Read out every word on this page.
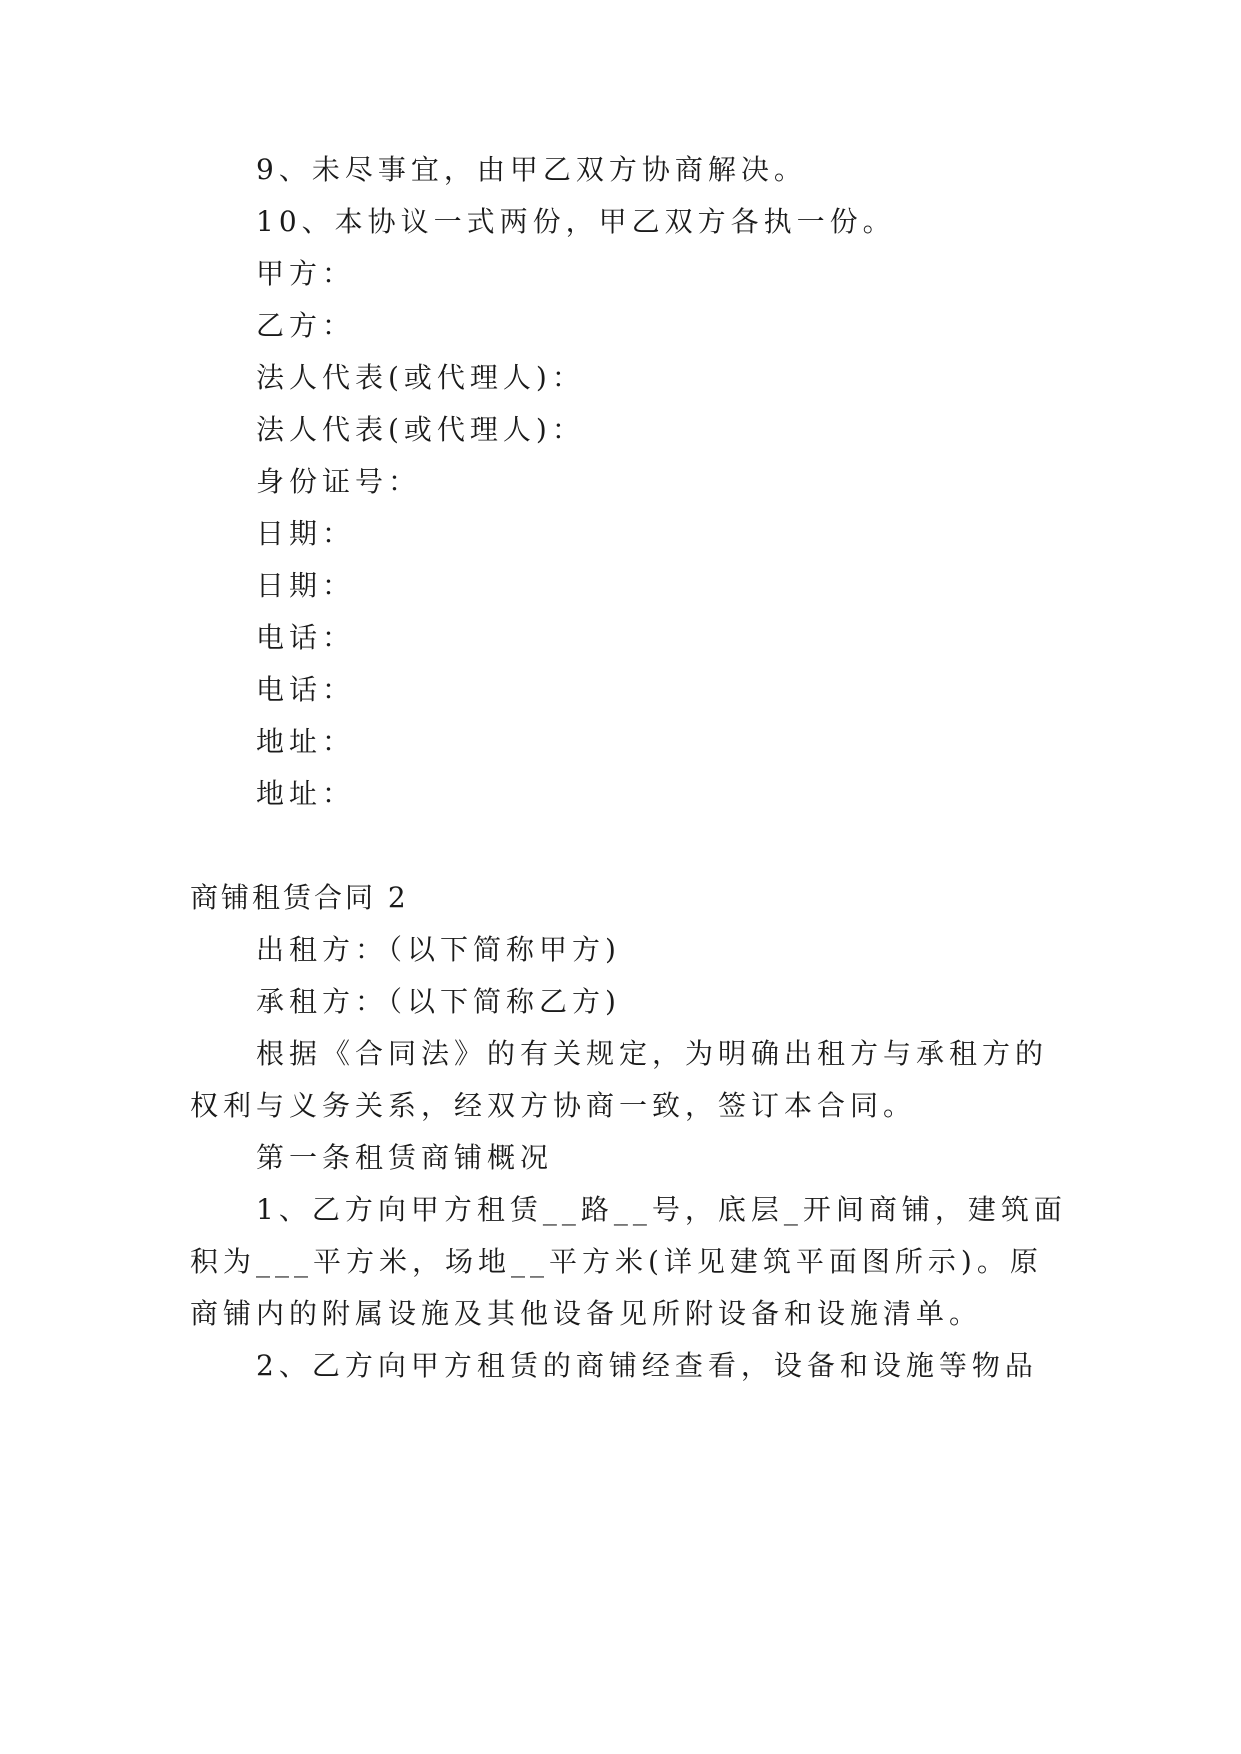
9、未尽事宜，由甲乙双方协商解决。
10、本协议一式两份，甲乙双方各执一份。
甲方：
乙方：
法人代表(或代理人)：
法人代表(或代理人)：
身份证号：
日期：
日期：
电话：
电话：
地址：
地址：
商铺租赁合同 2
出租方：（以下简称甲方)
承租方：（以下简称乙方)
根据《合同法》的有关规定，为明确出租方与承租方的
权利与义务关系，经双方协商一致，签订本合同。
第一条租赁商铺概况
1、乙方向甲方租赁__路__号，底层_开间商铺，建筑面
积为___平方米，场地__平方米(详见建筑平面图所示)。原
商铺内的附属设施及其他设备见所附设备和设施清单。
2、乙方向甲方租赁的商铺经查看，设备和设施等物品
